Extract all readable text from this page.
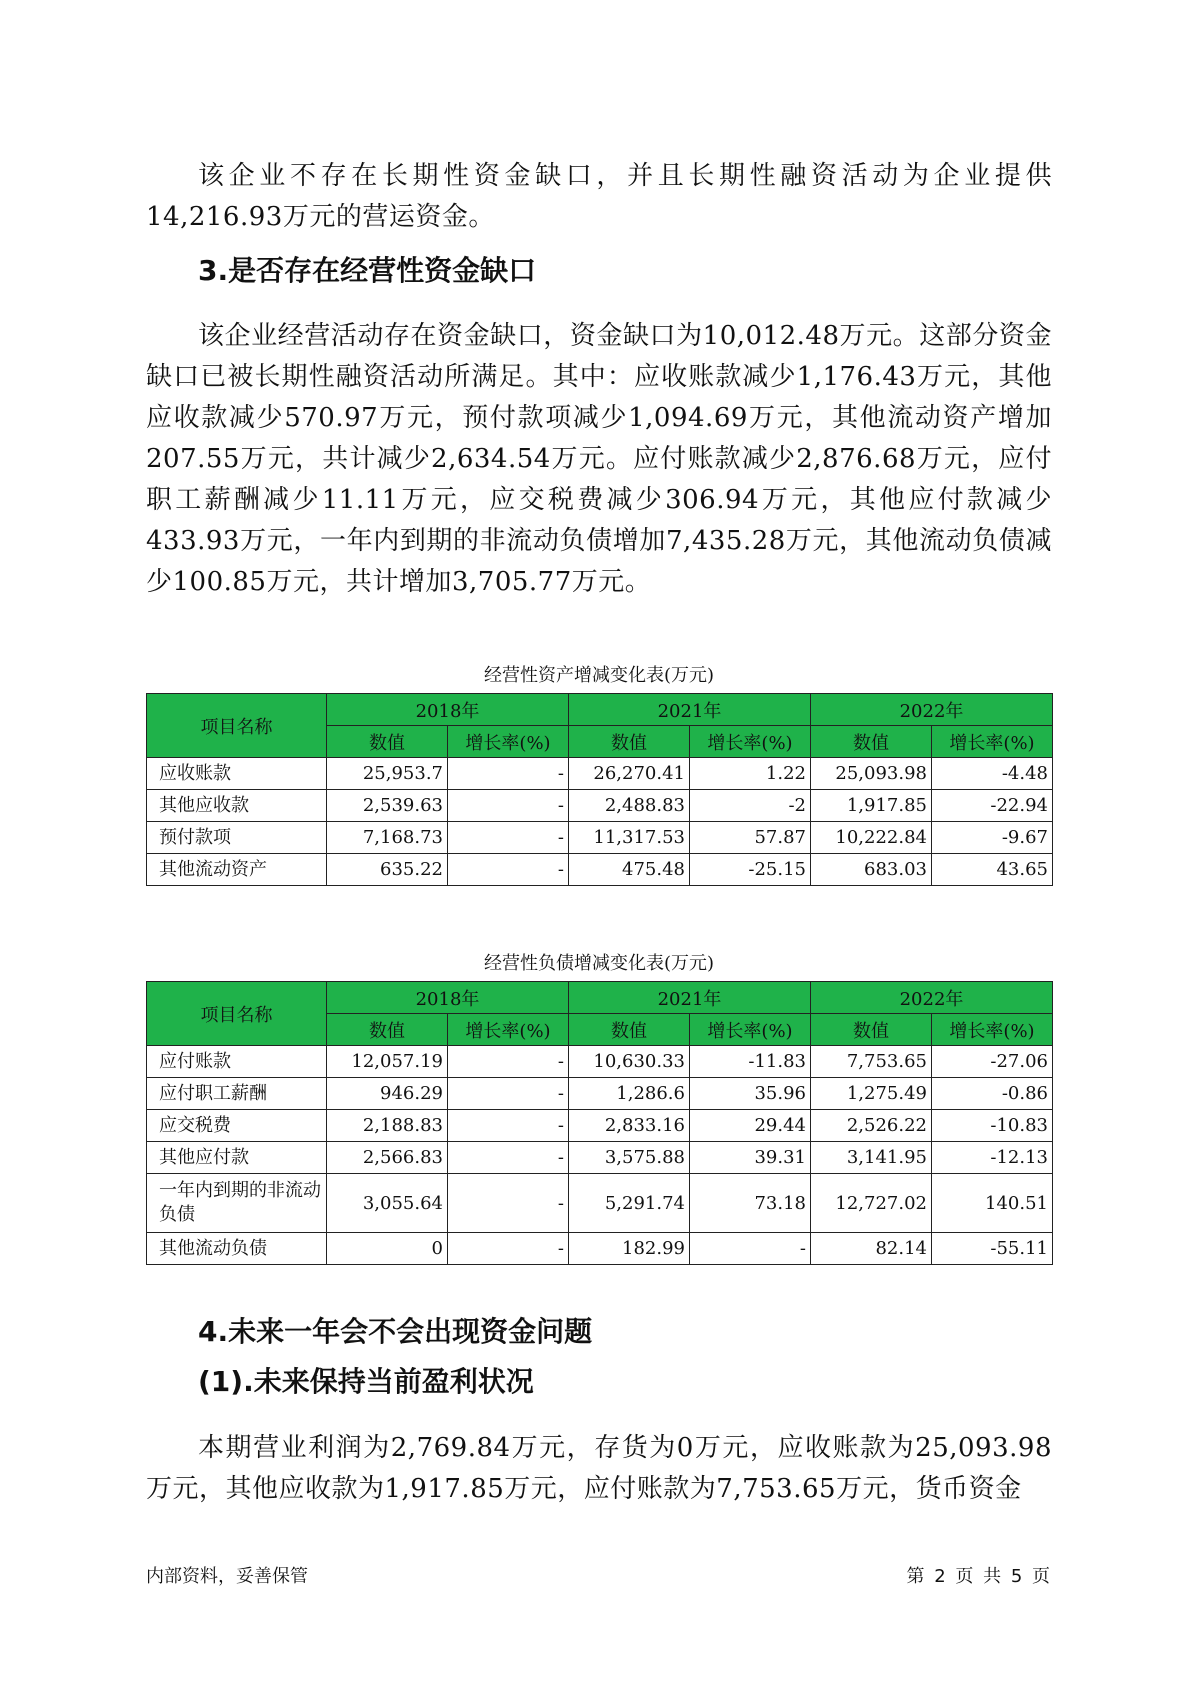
该企业不存在长期性资金缺口，并且长期性融资活动为企业提供14,216.93万元的营运资金。

3.是否存在经营性资金缺口

该企业经营活动存在资金缺口，资金缺口为10,012.48万元。这部分资金缺口已被长期性融资活动所满足。其中：应收账款减少1,176.43万元，其他应收款减少570.97万元，预付款项减少1,094.69万元，其他流动资产增加207.55万元，共计减少2,634.54万元。应付账款减少2,876.68万元，应付职工薪酬减少11.11万元，应交税费减少306.94万元，其他应付款减少433.93万元，一年内到期的非流动负债增加7,435.28万元，其他流动负债减少100.85万元，共计增加3,705.77万元。

经营性资产增减变化表(万元)
项目名称	2018年		2021年		2022年	
	数值	增长率(%)	数值	增长率(%)	数值	增长率(%)
应收账款	25,953.7	-	26,270.41	1.22	25,093.98	-4.48
其他应收款	2,539.63	-	2,488.83	-2	1,917.85	-22.94
预付款项	7,168.73	-	11,317.53	57.87	10,222.84	-9.67
其他流动资产	635.22	-	475.48	-25.15	683.03	43.65
经营性负债增减变化表(万元)
项目名称	2018年		2021年		2022年	
	数值	增长率(%)	数值	增长率(%)	数值	增长率(%)
应付账款	12,057.19	-	10,630.33	-11.83	7,753.65	-27.06
应付职工薪酬	946.29	-	1,286.6	35.96	1,275.49	-0.86
应交税费	2,188.83	-	2,833.16	29.44	2,526.22	-10.83
其他应付款	2,566.83	-	3,575.88	39.31	3,141.95	-12.13
一年内到期的非流动负债	3,055.64	-	5,291.74	73.18	12,727.02	140.51
其他流动负债	0	-	182.99	-	82.14	-55.11
4.未来一年会不会出现资金问题
(1).未来保持当前盈利状况

本期营业利润为2,769.84万元，存货为0万元，应收账款为25,093.98万元，其他应收款为1,917.85万元，应付账款为7,753.65万元，货币资金

内部资料，妥善保管	第 2 页 共 5 页
